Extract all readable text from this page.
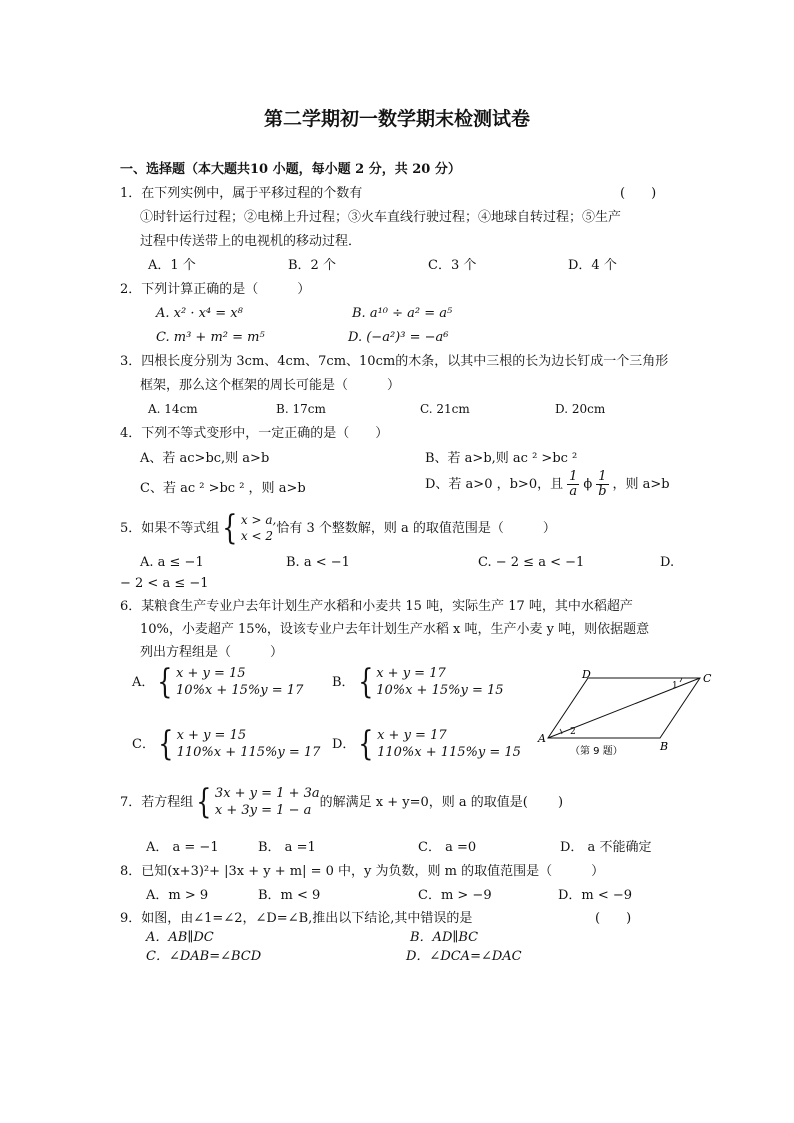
第二学期初一数学期末检测试卷
一、选择题（本大题共10 小题，每小题 2 分，共 20 分）
1．在下列实例中，属于平移过程的个数有	(　　)
①时针运行过程；②电梯上升过程；③火车直线行驶过程；④地球自转过程；⑤生产
过程中传送带上的电视机的移动过程．
A．1 个	B．2 个	C．3 个	D．4 个
2．下列计算正确的是（　　　）
A. x² · x⁴ = x⁸	B. a¹⁰ ÷ a² = a⁵
C. m³ + m² = m⁵	D. (−a²)³ = −a⁶
3．四根长度分别为 3cm、4cm、7cm、10cm的木条，以其中三根的长为边长钉成一个三角形
框架，那么这个框架的周长可能是（　　　）
A. 14cm	B. 17cm	C. 21cm	D. 20cm
4．下列不等式变形中，一定正确的是（　　）
A、若 ac>bc,则 a>b	B、若 a>b,则 ac ² >bc ²
C、若 ac ² >bc ² ，则 a>b	D、若 a>0 ，b>0，且 $\frac{1}{a}$ ϕ $\frac{1}{b}$ ，则 a>b
5．如果不等式组 { x > a,
x < 2
恰有 3 个整数解，则 a 的取值范围是（　　　）
A. a ≤ −1	B. a < −1	C. − 2 ≤ a < −1	D.
− 2 < a ≤ −1
6．某粮食生产专业户去年计划生产水稻和小麦共 15 吨，实际生产 17 吨，其中水稻超产
10%，小麦超产 15%，设该专业户去年计划生产水稻 x 吨，生产小麦 y 吨，则依据题意
列出方程组是（　　　）
A． { x + y = 15
10%x + 15%y = 17
B． { x + y = 17
10%x + 15%y = 15
C． { x + y = 15
110%x + 115%y = 17
D． { x + y = 17
110%x + 115%y = 15
A
B
C
D
1
2
（第 9 题）
7．若方程组 { 3x + y = 1 + 3a
x + 3y = 1 − a
的解满足 x + y=0，则 a 的取值是(　　 )
A． a = −1	B． a =1	C． a =0	D． a 不能确定
8．已知(x+3)²+ |3x + y + m| = 0 中，y 为负数，则 m 的取值范围是（　　　）
A．m > 9	B．m < 9	C．m > −9	D．m < −9
9．如图，由∠1=∠2，∠D=∠B,推出以下结论,其中错误的是	(　　)
A．AB∥DC	B．AD∥BC
C．∠DAB=∠BCD	D．∠DCA=∠DAC
